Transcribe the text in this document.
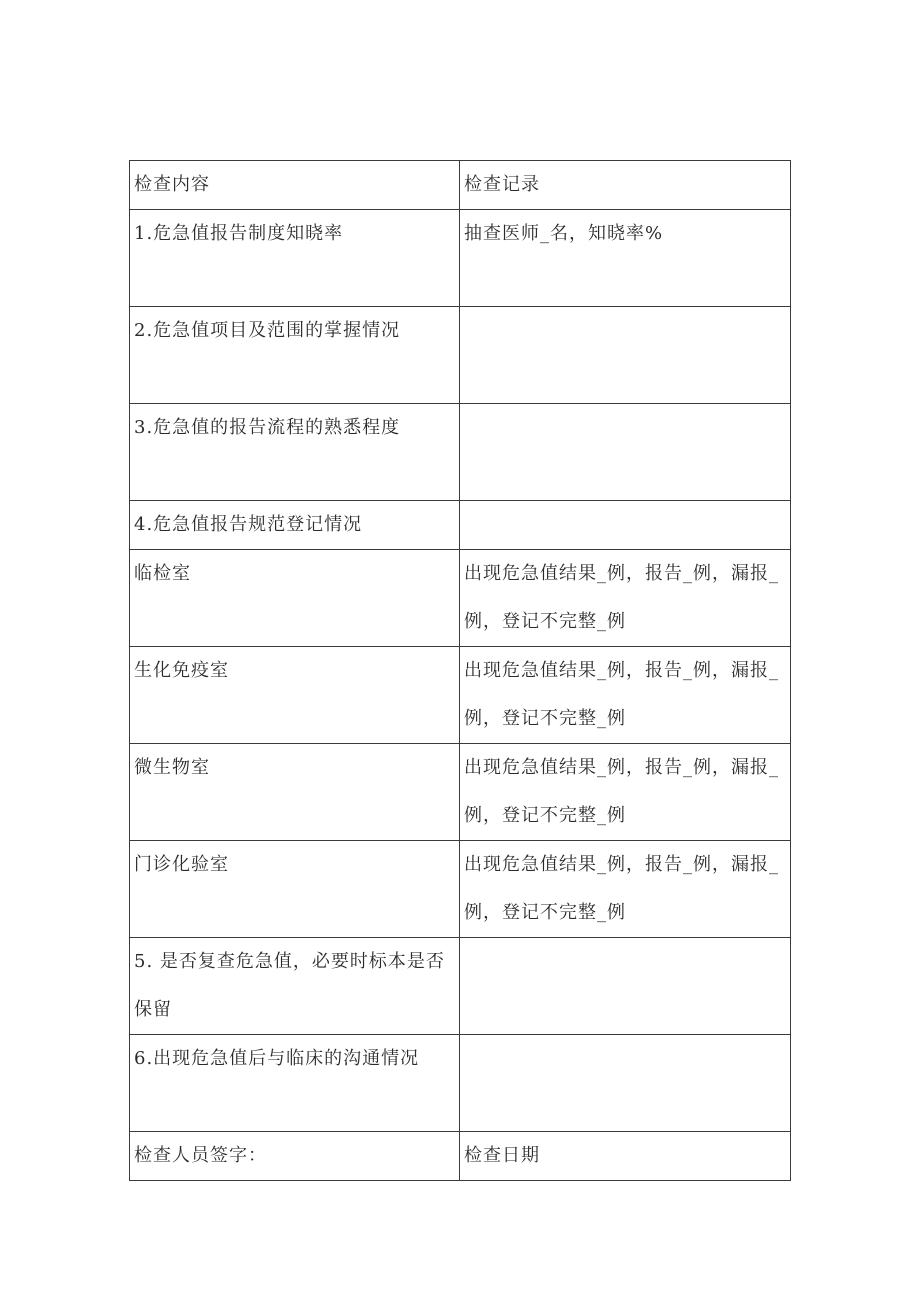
检查内容	检查记录

1.危急值报告制度知晓率	抽查医师_名，知晓率%

2.危急值项目及范围的掌握情况	

3.危急值的报告流程的熟悉程度	

4.危急值报告规范登记情况	

临检室	出现危急值结果_例，报告_例，漏报_例，登记不完整_例

生化免疫室	出现危急值结果_例，报告_例，漏报_例，登记不完整_例

微生物室	出现危急值结果_例，报告_例，漏报_例，登记不完整_例

门诊化验室	出现危急值结果_例，报告_例，漏报_例，登记不完整_例

5. 是否复查危急值，必要时标本是否保留	

6.出现危急值后与临床的沟通情况	

检查人员签字：	检查日期
